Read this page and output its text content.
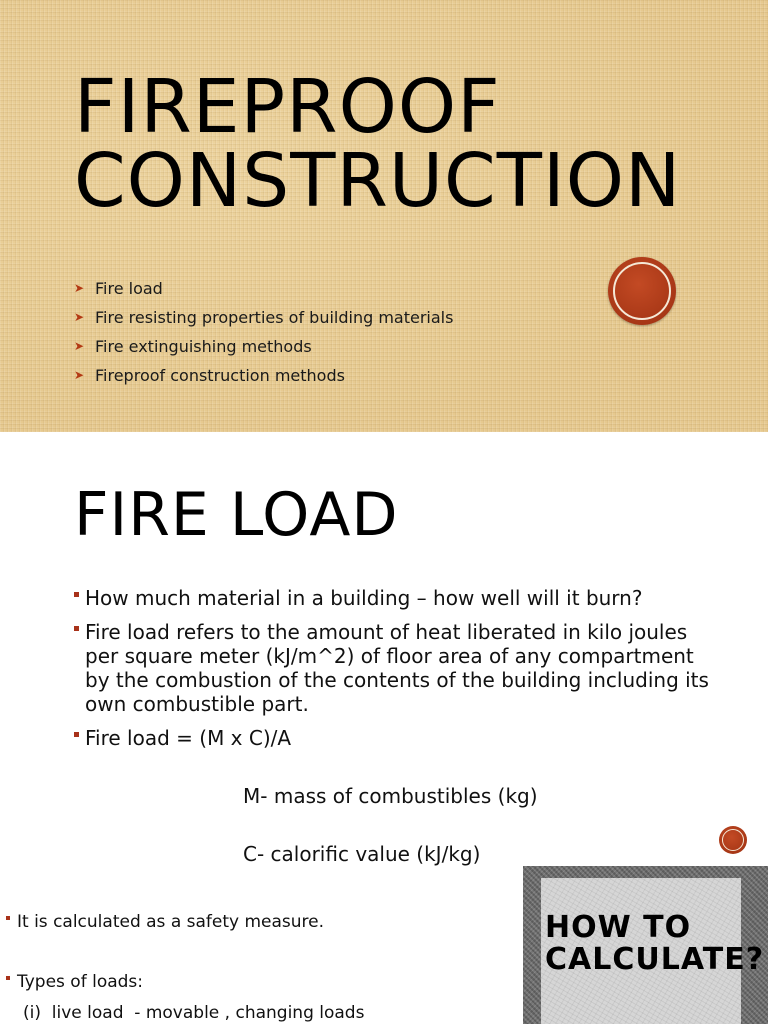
FIREPROOF CONSTRUCTION
➤ Fire load
➤ Fire resisting properties of building materials
➤ Fire extinguishing methods
➤ Fireproof construction methods
FIRE LOAD
How much material in a building – how well will it burn?
Fire load refers to the amount of heat liberated in kilo joules per square meter (kJ/m^2) of floor area of any compartment by the combustion of the contents of the building including its own combustible part.
Fire load = (M x C)/A
M- mass of combustibles (kg)
C- calorific value (kJ/kg)
It is calculated as a safety measure.
Types of loads:
(i)  live load  - movable , changing loads
HOW TO CALCULATE?
